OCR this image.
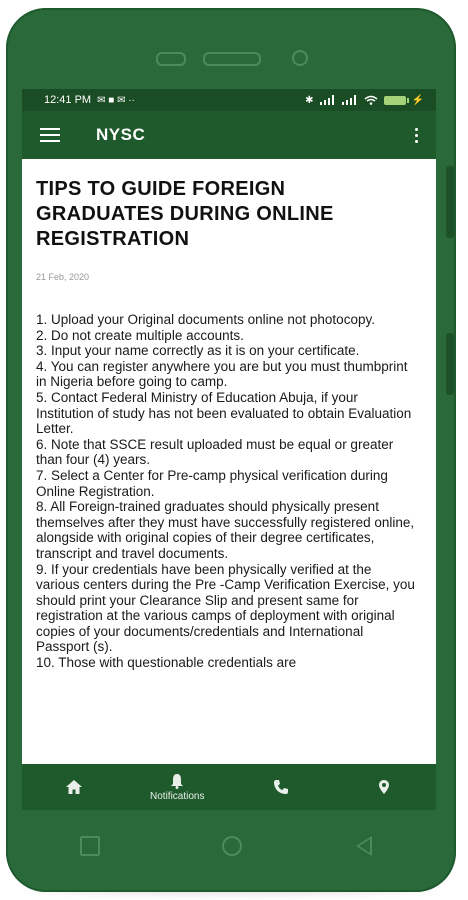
12:41 PM ✉ ■ ✉ ··	✱	⚡
NYSC
TIPS TO GUIDE FOREIGN GRADUATES DURING ONLINE REGISTRATION
21 Feb, 2020

1. Upload your Original documents online not photocopy.

2. Do not create multiple accounts.

3. Input your name correctly as it is on your certificate.

4. You can register anywhere you are but you must thumbprint in Nigeria before going to camp.

5. Contact Federal Ministry of Education Abuja, if your Institution of study has not been evaluated to obtain Evaluation Letter.

6. Note that SSCE result uploaded must be equal or greater than four (4) years.

7. Select a Center for Pre-camp physical verification during Online Registration.

8. All Foreign-trained graduates should physically present themselves after they must have successfully registered online, alongside with original copies of their degree certificates, transcript and travel documents.

9. If your credentials have been physically verified at the various centers during the Pre -Camp Verification Exercise, you should print your Clearance Slip and present same for registration at the various camps of deployment with original copies of your documents/credentials and International Passport (s).

10. Those with questionable credentials are

Notifications
